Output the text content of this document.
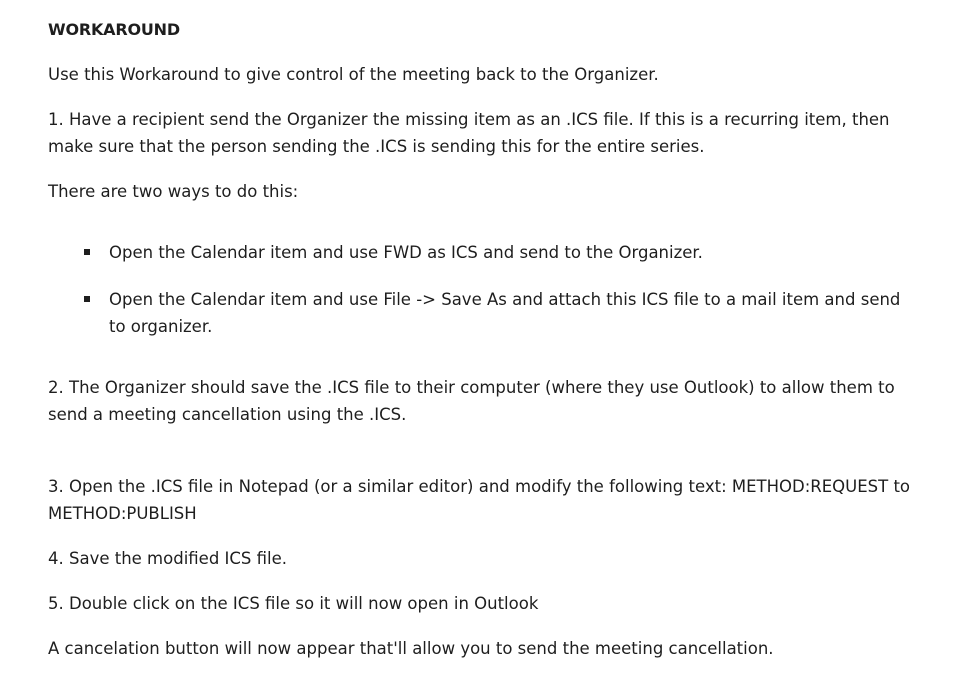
WORKAROUND

Use this Workaround to give control of the meeting back to the Organizer.

1. Have a recipient send the Organizer the missing item as an .ICS file. If this is a recurring item, then make sure that the person sending the .ICS is sending this for the entire series.

There are two ways to do this:

Open the Calendar item and use FWD as ICS and send to the Organizer.
Open the Calendar item and use File -> Save As and attach this ICS file to a mail item and send to organizer.

2. The Organizer should save the .ICS file to their computer (where they use Outlook) to allow them to send a meeting cancellation using the .ICS.

3. Open the .ICS file in Notepad (or a similar editor) and modify the following text: METHOD:REQUEST to METHOD:PUBLISH

4. Save the modified ICS file.

5. Double click on the ICS file so it will now open in Outlook

A cancelation button will now appear that'll allow you to send the meeting cancellation.
